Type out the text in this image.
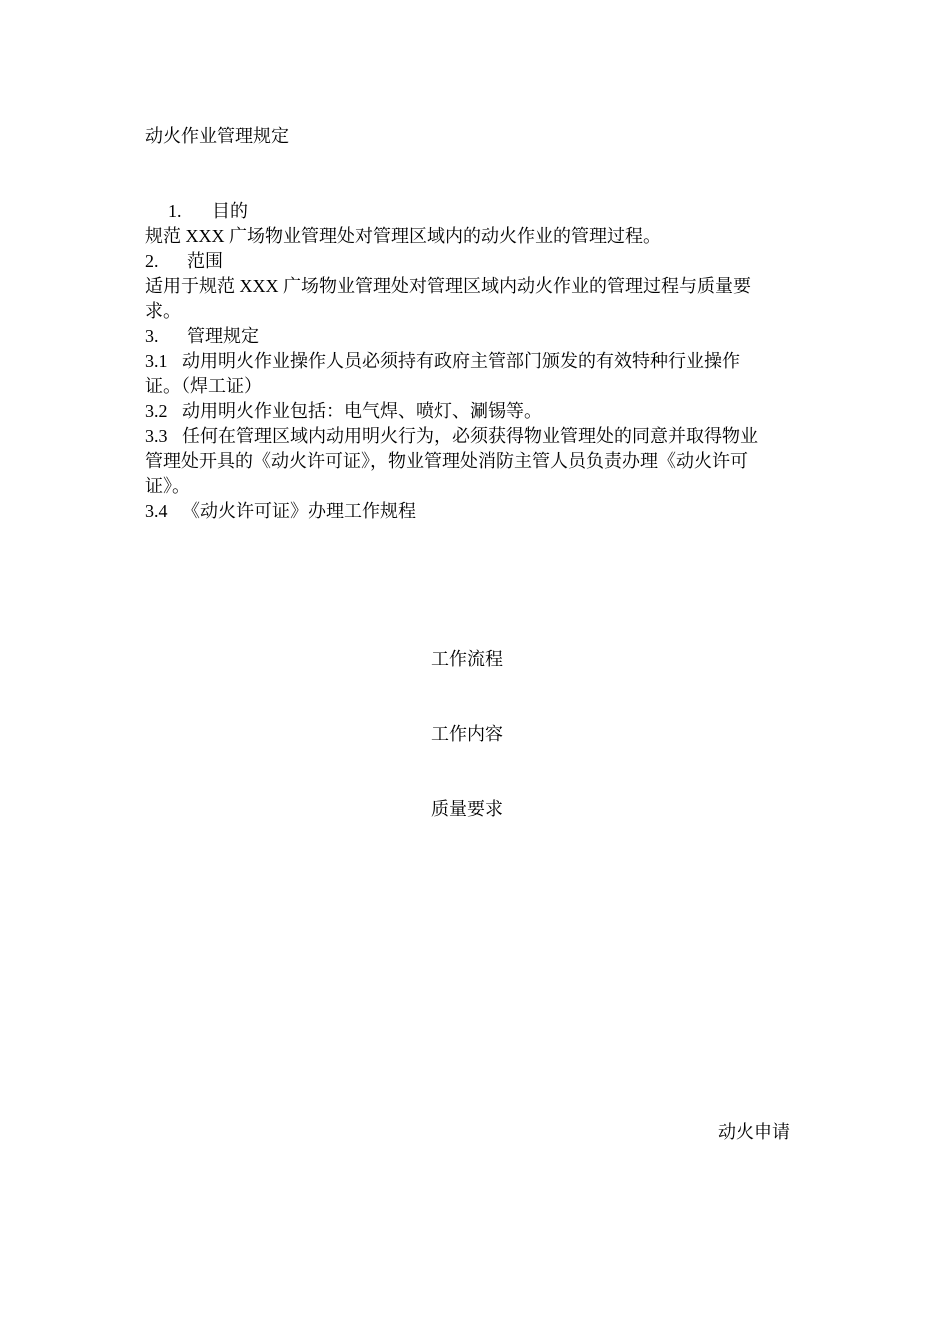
动火作业管理规定
1. 目的
规范 XXX 广场物业管理处对管理区域内的动火作业的管理过程。
2. 范围
适用于规范 XXX 广场物业管理处对管理区域内动火作业的管理过程与质量要
求。
3. 管理规定
3.1 动用明火作业操作人员必须持有政府主管部门颁发的有效特种行业操作
证。（焊工证）
3.2 动用明火作业包括：电气焊、喷灯、涮锡等。
3.3 任何在管理区域内动用明火行为，必须获得物业管理处的同意并取得物业
管理处开具的《动火许可证》，物业管理处消防主管人员负责办理《动火许可
证》。
3.4 《动火许可证》办理工作规程
工作流程
工作内容
质量要求
动火申请
